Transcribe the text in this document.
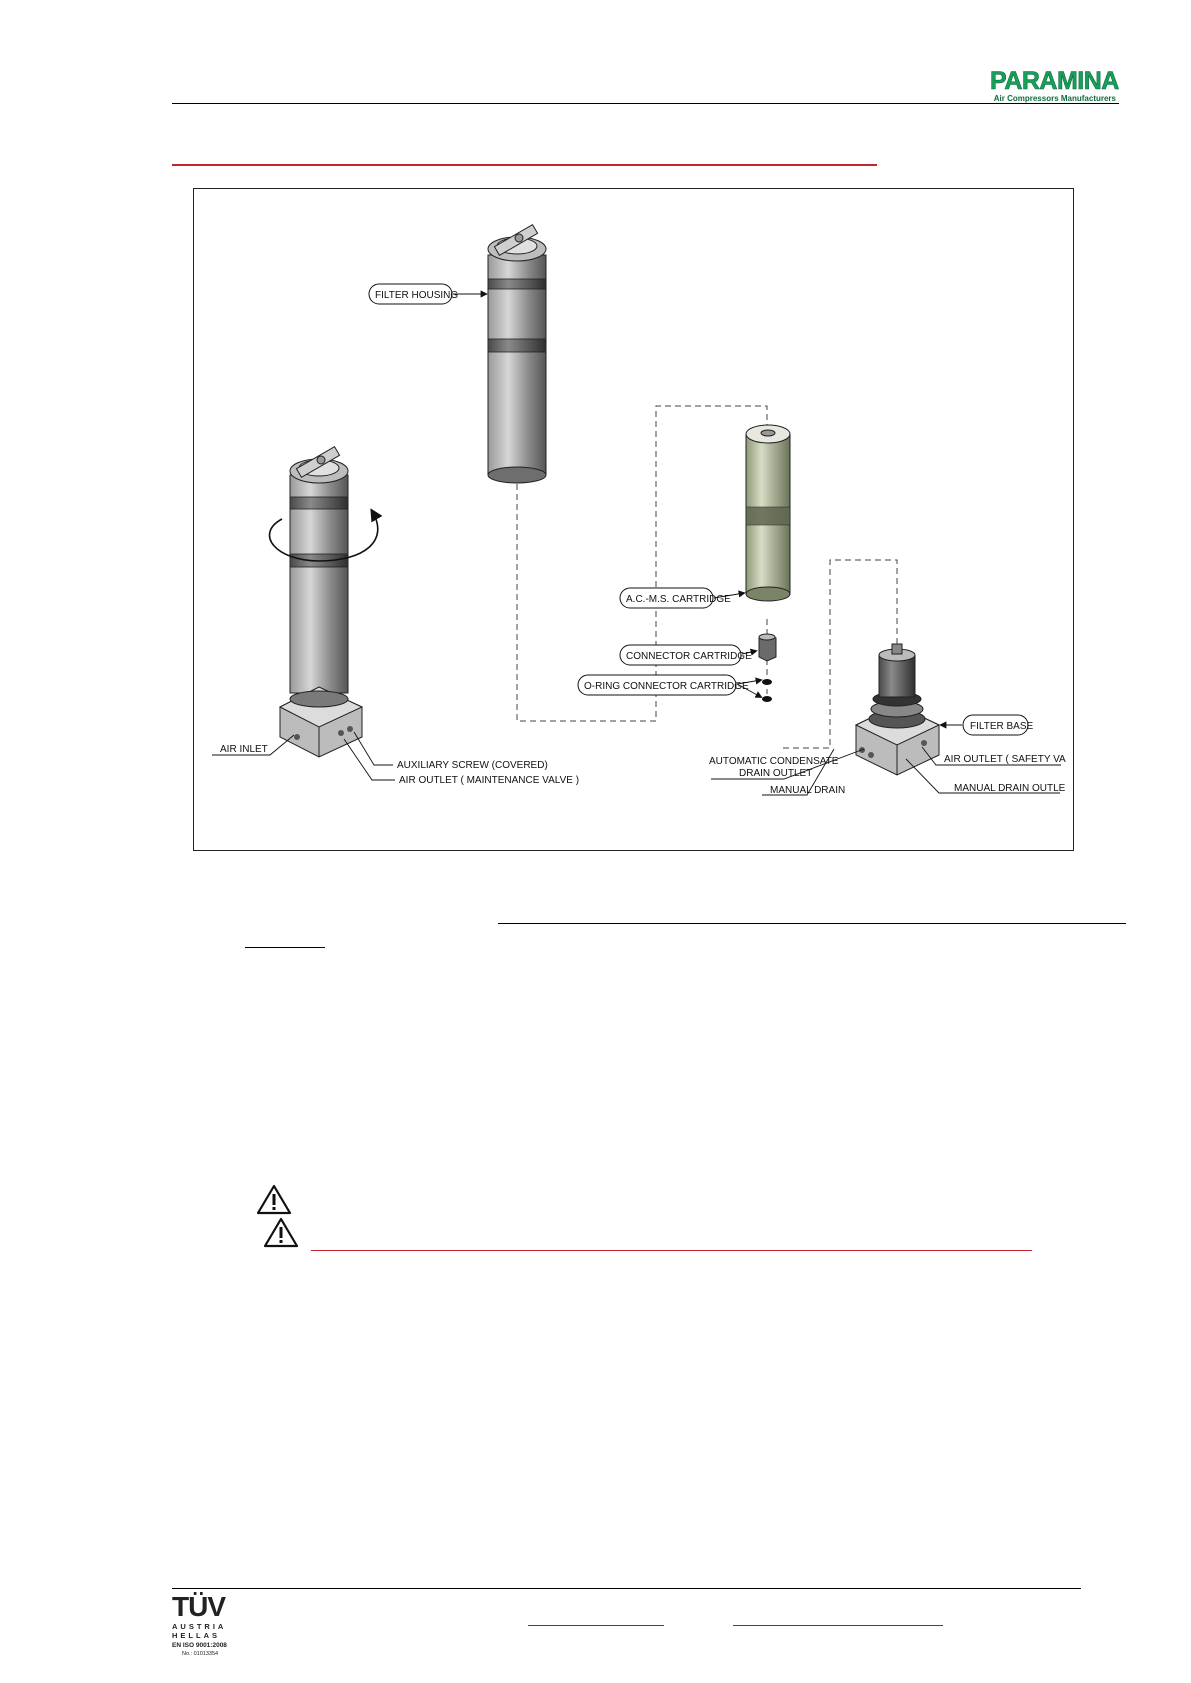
PARAMINA
Air Compressors Manufacturers
FILTER HOUSING
A.C.-M.S. CARTRIDGE
CONNECTOR CARTRIDGE
O-RING CONNECTOR CARTRIDGE
FILTER BASE
AIR INLET
AUXILIARY SCREW (COVERED)
AIR OUTLET ( MAINTENANCE VALVE )
AUTOMATIC CONDENSATE
DRAIN OUTLET
AIR OUTLET ( SAFETY VA
MANUAL DRAIN	MANUAL DRAIN OUTLE
TÜV
AUSTRIA
HELLAS
EN ISO 9001:2008
No.: 01013354
